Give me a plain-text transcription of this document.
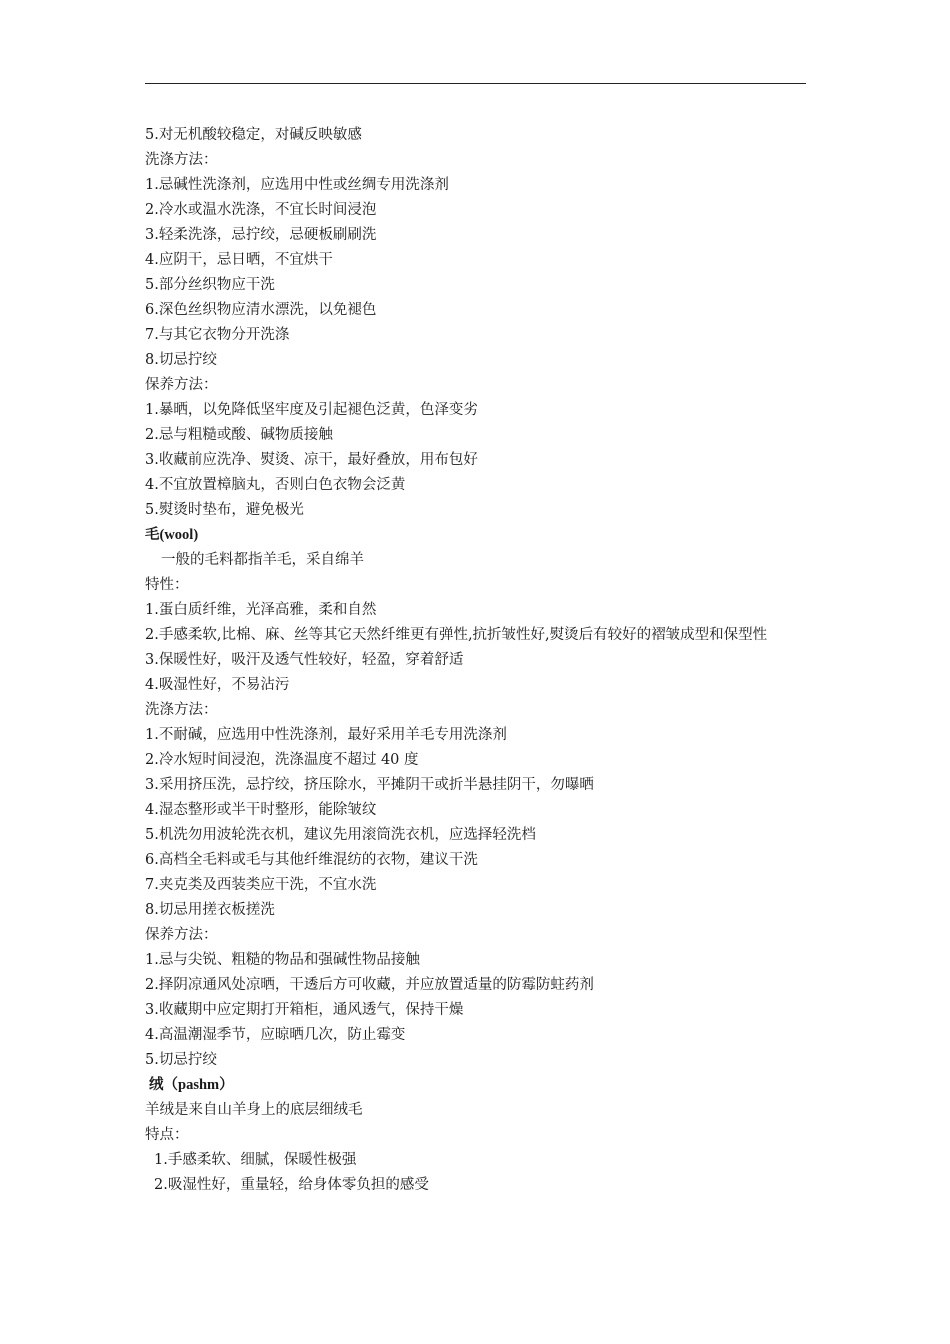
5.对无机酸较稳定，对碱反映敏感
洗涤方法：
1.忌碱性洗涤剂，应选用中性或丝绸专用洗涤剂
2.冷水或温水洗涤，不宜长时间浸泡
3.轻柔洗涤，忌拧绞，忌硬板刷刷洗
4.应阴干，忌日晒，不宜烘干
5.部分丝织物应干洗
6.深色丝织物应清水漂洗，以免褪色
7.与其它衣物分开洗涤
8.切忌拧绞
保养方法：
1.暴晒，以免降低坚牢度及引起褪色泛黄，色泽变劣
2.忌与粗糙或酸、碱物质接触
3.收藏前应洗净、熨烫、凉干，最好叠放，用布包好
4.不宜放置樟脑丸，否则白色衣物会泛黄
5.熨烫时垫布，避免极光
毛(wool)
一般的毛料都指羊毛，采自绵羊
特性：
1.蛋白质纤维，光泽高雅，柔和自然
2.手感柔软,比棉、麻、丝等其它天然纤维更有弹性,抗折皱性好,熨烫后有较好的褶皱成型和保型性
3.保暖性好，吸汗及透气性较好，轻盈，穿着舒适
4.吸湿性好，不易沾污
洗涤方法：
1.不耐碱，应选用中性洗涤剂，最好采用羊毛专用洗涤剂
2.冷水短时间浸泡，洗涤温度不超过 40 度
3.采用挤压洗，忌拧绞，挤压除水，平摊阴干或折半悬挂阴干，勿曝晒
4.湿态整形或半干时整形，能除皱纹
5.机洗勿用波轮洗衣机，建议先用滚筒洗衣机，应选择轻洗档
6.高档全毛料或毛与其他纤维混纺的衣物，建议干洗
7.夹克类及西装类应干洗，不宜水洗
8.切忌用搓衣板搓洗
保养方法：
1.忌与尖锐、粗糙的物品和强碱性物品接触
2.择阴凉通风处凉晒，干透后方可收藏，并应放置适量的防霉防蛀药剂
3.收藏期中应定期打开箱柜，通风透气，保持干燥
4.高温潮湿季节，应晾晒几次，防止霉变
5.切忌拧绞
绒（pashm）
羊绒是来自山羊身上的底层细绒毛
特点：
1.手感柔软、细腻，保暖性极强
2.吸湿性好，重量轻，给身体零负担的感受
